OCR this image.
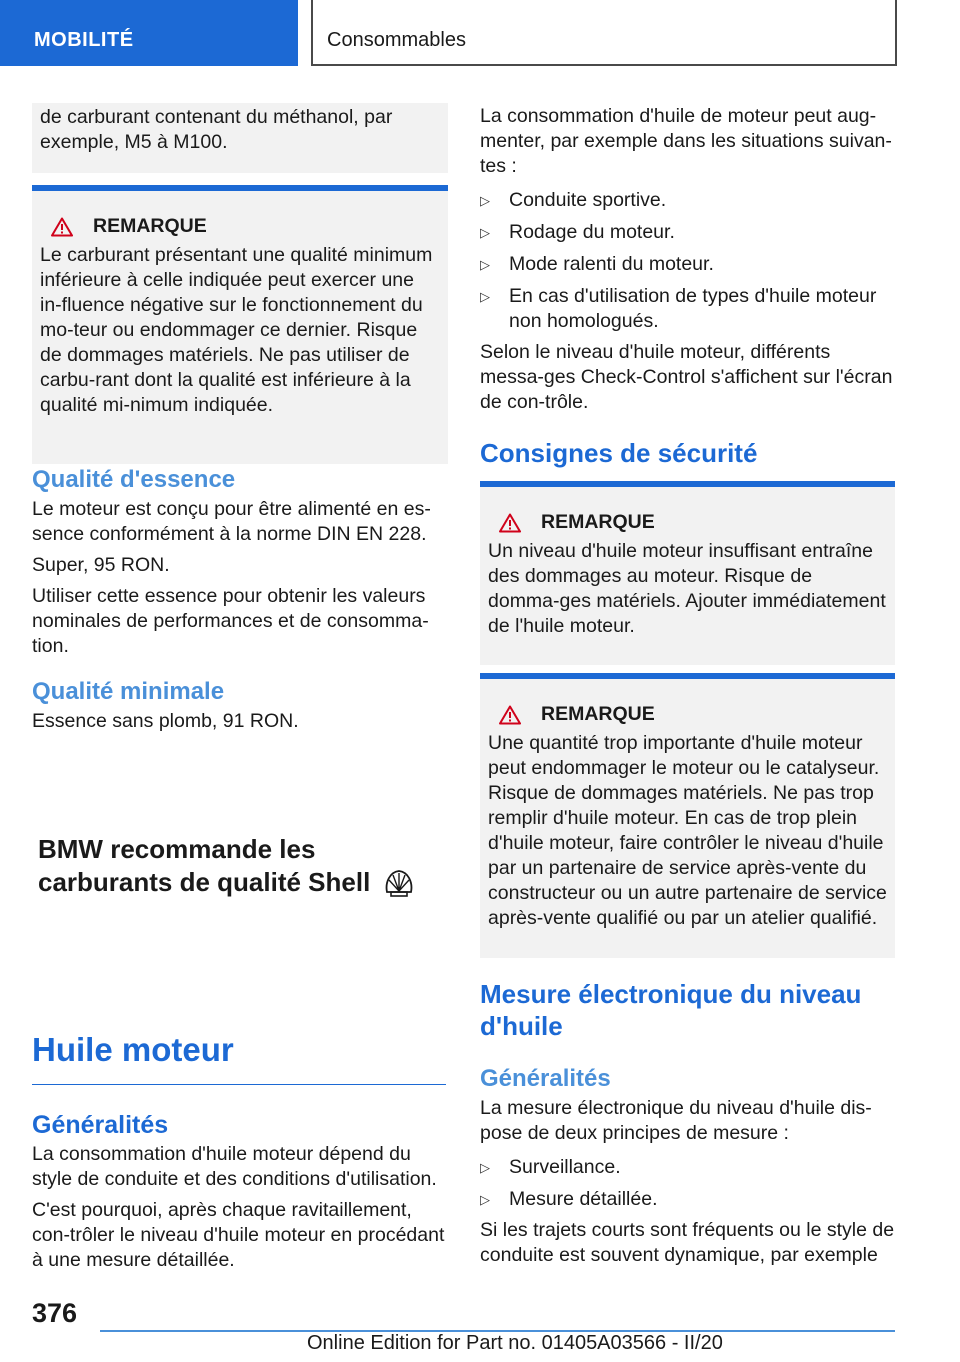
MOBILITÉ	Consommables

de carburant contenant du méthanol, par exemple, M5 à M100.

REMARQUE

Le carburant présentant une qualité minimum inférieure à celle indiquée peut exercer une in-fluence négative sur le fonctionnement du mo-teur ou endommager ce dernier. Risque de dommages matériels. Ne pas utiliser de carbu-rant dont la qualité est inférieure à la qualité mi-nimum indiquée.

Qualité d'essence

Le moteur est conçu pour être alimenté en es-sence conformément à la norme DIN EN 228.

Super, 95 RON.

Utiliser cette essence pour obtenir les valeurs nominales de performances et de consomma-tion.

Qualité minimale

Essence sans plomb, 91 RON.

BMW recommande les
carburants de qualité Shell
Huile moteur
Généralités

La consommation d'huile moteur dépend du style de conduite et des conditions d'utilisation.

C'est pourquoi, après chaque ravitaillement, con-trôler le niveau d'huile moteur en procédant à une mesure détaillée.

La consommation d'huile de moteur peut aug-menter, par exemple dans les situations suivan-tes :

▷ Conduite sportive.
▷ Rodage du moteur.
▷ Mode ralenti du moteur.
▷ En cas d'utilisation de types d'huile moteur non homologués.

Selon le niveau d'huile moteur, différents messa-ges Check-Control s'affichent sur l'écran de con-trôle.

Consignes de sécurité
REMARQUE

Un niveau d'huile moteur insuffisant entraîne des dommages au moteur. Risque de domma-ges matériels. Ajouter immédiatement de l'huile moteur.

REMARQUE

Une quantité trop importante d'huile moteur peut endommager le moteur ou le catalyseur. Risque de dommages matériels. Ne pas trop remplir d'huile moteur. En cas de trop plein d'huile moteur, faire contrôler le niveau d'huile par un partenaire de service après-vente du constructeur ou un autre partenaire de service après-vente qualifié ou par un atelier qualifié.

Mesure électronique du niveau d'huile
Généralités

La mesure électronique du niveau d'huile dis-pose de deux principes de mesure :

▷ Surveillance.
▷ Mesure détaillée.

Si les trajets courts sont fréquents ou le style de conduite est souvent dynamique, par exemple

376
Online Edition for Part no. 01405A03566 - II/20
